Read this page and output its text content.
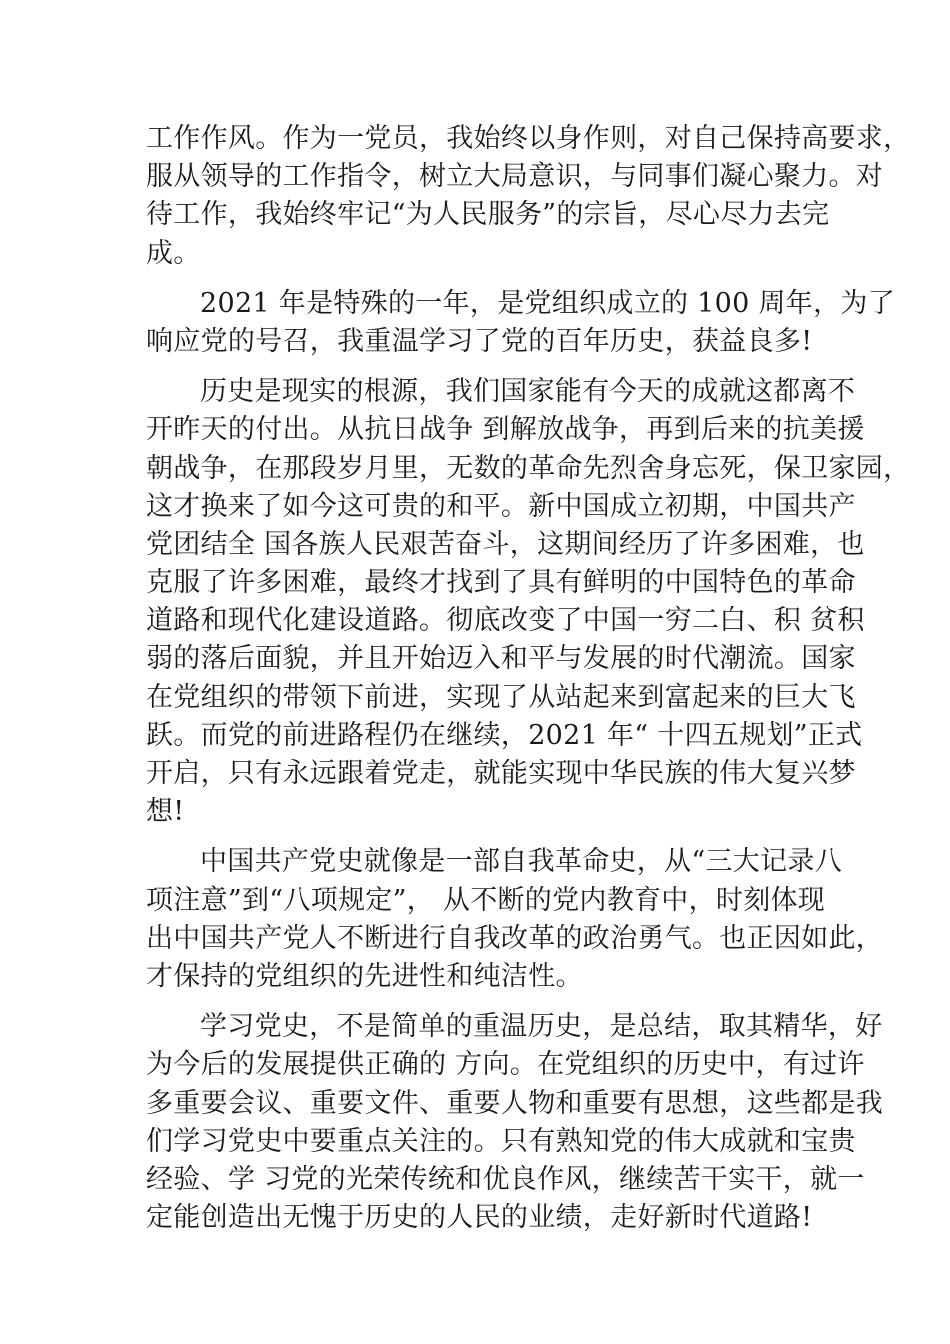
工作作风。作为一党员，我始终以身作则，对自己保持高要求，
服从领导的工作指令，树立大局意识，与同事们凝心聚力。对
待工作，我始终牢记“为人民服务”的宗旨，尽心尽力去完
成。
2021 年是特殊的一年，是党组织成立的 100 周年，为了
响应党的号召，我重温学习了党的百年历史，获益良多!
历史是现实的根源，我们国家能有今天的成就这都离不
开昨天的付出。从抗日战争 到解放战争，再到后来的抗美援
朝战争，在那段岁月里，无数的革命先烈舍身忘死，保卫家园，
这才换来了如今这可贵的和平。新中国成立初期，中国共产
党团结全 国各族人民艰苦奋斗，这期间经历了许多困难，也
克服了许多困难，最终才找到了具有鲜明的中国特色的革命
道路和现代化建设道路。彻底改变了中国一穷二白、积 贫积
弱的落后面貌，并且开始迈入和平与发展的时代潮流。国家
在党组织的带领下前进，实现了从站起来到富起来的巨大飞
跃。而党的前进路程仍在继续，2021 年“ 十四五规划”正式
开启，只有永远跟着党走，就能实现中华民族的伟大复兴梦
想!
中国共产党史就像是一部自我革命史，从“三大记录八
项注意”到“八项规定”， 从不断的党内教育中，时刻体现
出中国共产党人不断进行自我改革的政治勇气。也正因如此，
才保持的党组织的先进性和纯洁性。
学习党史，不是简单的重温历史，是总结，取其精华，好
为今后的发展提供正确的 方向。在党组织的历史中，有过许
多重要会议、重要文件、重要人物和重要有思想，这些都是我
们学习党史中要重点关注的。只有熟知党的伟大成就和宝贵
经验、学 习党的光荣传统和优良作风，继续苦干实干，就一
定能创造出无愧于历史的人民的业绩，走好新时代道路!
